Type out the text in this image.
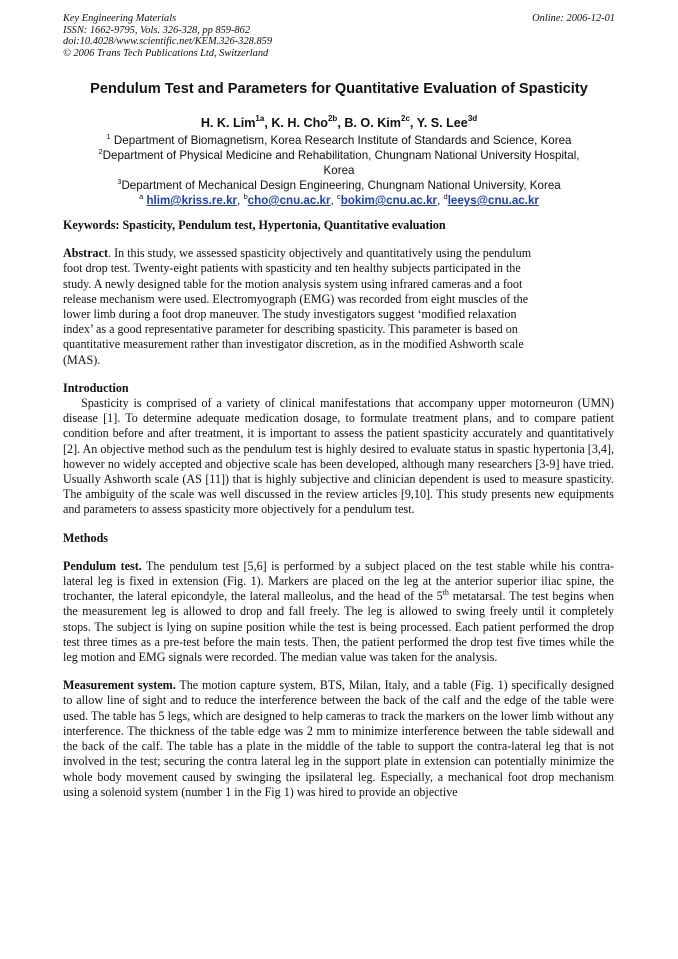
Key Engineering Materials
ISSN: 1662-9795, Vols. 326-328, pp 859-862
doi:10.4028/www.scientific.net/KEM.326-328.859
© 2006 Trans Tech Publications Ltd, Switzerland
Online: 2006-12-01
Pendulum Test and Parameters for Quantitative Evaluation of Spasticity
H. K. Lim$^{1a}$, K. H. Cho$^{2b}$, B. O. Kim$^{2c}$, Y. S. Lee$^{3d}$
$^1$ Department of Biomagnetism, Korea Research Institute of Standards and Science, Korea
$^2$Department of Physical Medicine and Rehabilitation, Chungnam National University Hospital,
Korea
$^3$Department of Mechanical Design Engineering, Chungnam National University, Korea
$^a$ hlim@kriss.re.kr, $^b$cho@cnu.ac.kr, $^c$bokim@cnu.ac.kr, $^d$leeys@cnu.ac.kr

Keywords: Spasticity, Pendulum test, Hypertonia, Quantitative evaluation

Abstract. In this study, we assessed spasticity objectively and quantitatively using the pendulum
foot drop test. Twenty-eight patients with spasticity and ten healthy subjects participated in the
study. A newly designed table for the motion analysis system using infrared cameras and a foot
release mechanism were used. Electromyograph (EMG) was recorded from eight muscles of the
lower limb during a foot drop maneuver. The study investigators suggest ‘modified relaxation
index’ as a good representative parameter for describing spasticity. This parameter is based on
quantitative measurement rather than investigator discretion, as in the modified Ashworth scale
(MAS).

Introduction

Spasticity is comprised of a variety of clinical manifestations that accompany upper motorneuron (UMN) disease [1]. To determine adequate medication dosage, to formulate treatment plans, and to compare patient condition before and after treatment, it is important to assess the patient spasticity accurately and quantitatively [2]. An objective method such as the pendulum test is highly desired to evaluate status in spastic hypertonia [3,4], however no widely accepted and objective scale has been developed, although many researchers [3-9] have tried. Usually Ashworth scale (AS [11]) that is highly subjective and clinician dependent is used to measure spasticity. The ambiguity of the scale was well discussed in the review articles [9,10]. This study presents new equipments and parameters to assess spasticity more objectively for a pendulum test.

Methods

Pendulum test. The pendulum test [5,6] is performed by a subject placed on the test stable while his contra-lateral leg is fixed in extension (Fig. 1). Markers are placed on the leg at the anterior superior iliac spine, the trochanter, the lateral epicondyle, the lateral malleolus, and the head of the 5th metatarsal. The test begins when the measurement leg is allowed to drop and fall freely. The leg is allowed to swing freely until it completely stops. The subject is lying on supine position while the test is being processed. Each patient performed the drop test three times as a pre-test before the main tests. Then, the patient performed the drop test five times while the leg motion and EMG signals were recorded. The median value was taken for the analysis.

Measurement system. The motion capture system, BTS, Milan, Italy, and a table (Fig. 1) specifically designed to allow line of sight and to reduce the interference between the back of the calf and the edge of the table were used. The table has 5 legs, which are designed to help cameras to track the markers on the lower limb without any interference. The thickness of the table edge was 2 mm to minimize interference between the table sidewall and the back of the calf. The table has a plate in the middle of the table to support the contra-lateral leg that is not involved in the test; securing the contra lateral leg in the support plate in extension can potentially minimize the whole body movement caused by swinging the ipsilateral leg. Especially, a mechanical foot drop mechanism using a solenoid system (number 1 in the Fig 1) was hired to provide an objective
